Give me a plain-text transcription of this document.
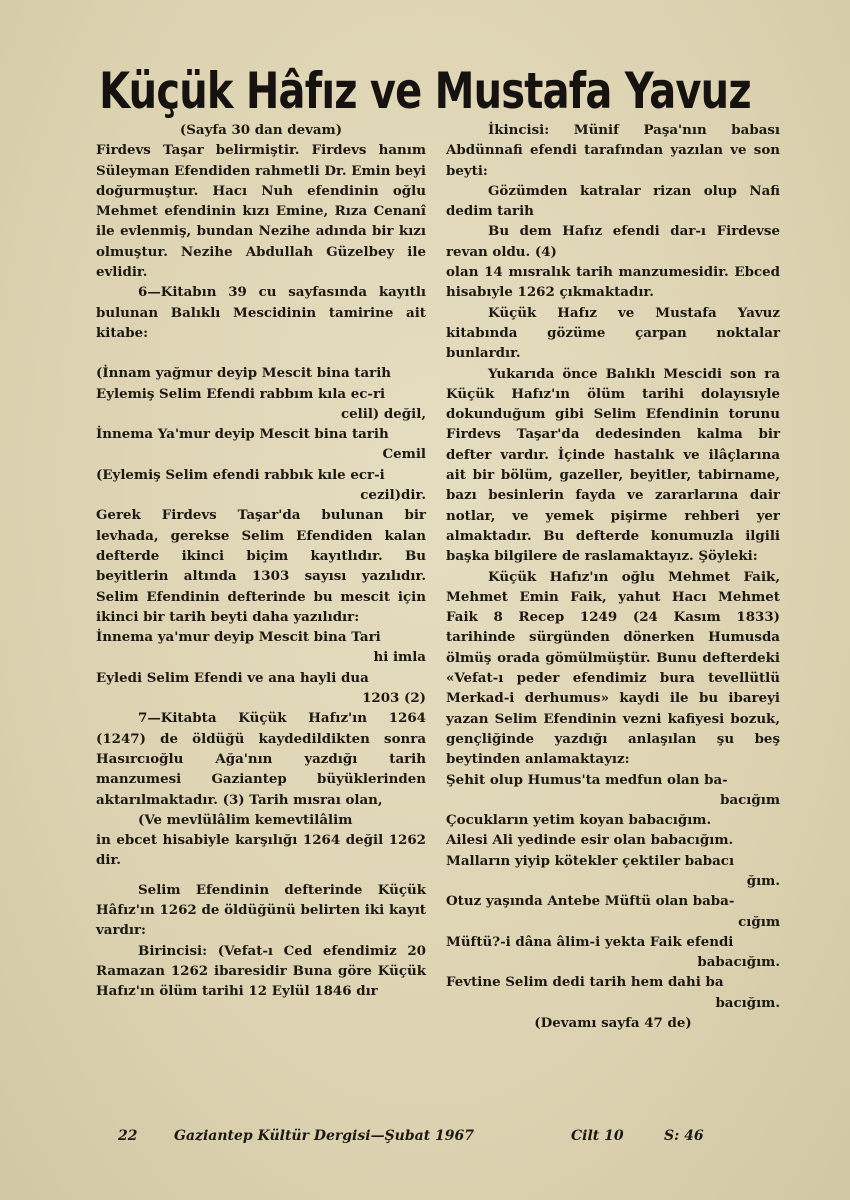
Küçük Hâfız ve Mustafa Yavuz
(Sayfa 30 dan devam)
Firdevs Taşar belirmiştir. Firdevs hanım Süleyman Efendiden rahmetli Dr. Emin beyi doğurmuştur. Hacı Nuh efendinin oğlu Mehmet efendinin kızı Emine, Rıza Cenanî ile evlenmiş, bundan Nezihe adında bir kızı olmuştur. Nezihe Abdullah Güzelbey ile evlidir.
6—Kitabın 39 cu sayfasında kayıtlı bulunan Balıklı Mescidinin tamirine ait kitabe:
(İnnam yağmur deyip Mescit bina tarih
Eylemiş Selim Efendi rabbım kıla ec-ri
celil) değil,
İnnema Ya'mur deyip Mescit bina tarih
Cemil
(Eylemiş Selim efendi rabbık kıle ecr-i
cezil)dir.
Gerek Firdevs Taşar'da bulunan bir levhada, gerekse Selim Efendiden kalan defterde ikinci biçim kayıtlıdır. Bu beyitlerin altında 1303 sayısı yazılıdır. Selim Efendinin defterinde bu mescit için ikinci bir tarih beyti daha yazılıdır:
İnnema ya'mur deyip Mescit bina Tari
hi imla
Eyledi Selim Efendi ve ana hayli dua
1203 (2)
7—Kitabta Küçük Hafız'ın 1264 (1247) de öldüğü kaydedildikten sonra Hasırcıoğlu Ağa'nın yazdığı tarih manzumesi Gaziantep büyüklerinden aktarılmaktadır. (3) Tarih mısraı olan,
(Ve mevlülâlim kemevtilâlim
in ebcet hisabiyle karşılığı 1264 değil 1262 dir.
Selim Efendinin defterinde Küçük Hâfız'ın 1262 de öldüğünü belirten iki kayıt vardır:
Birincisi: (Vefat-ı Ced efendimiz 20 Ramazan 1262 ibaresidir Buna göre Küçük Hafız'ın ölüm tarihi 12 Eylül 1846 dır
İkincisi: Münif Paşa'nın babası Abdünnafi efendi tarafından yazılan ve son beyti:
Gözümden katralar rizan olup Nafi dedim tarih
Bu dem Hafız efendi dar-ı Firdevse revan oldu. (4)
olan 14 mısralık tarih manzumesidir. Ebced hisabıyle 1262 çıkmaktadır.
Küçük Hafız ve Mustafa Yavuz kitabında gözüme çarpan noktalar bunlardır.
Yukarıda önce Balıklı Mescidi son ra Küçük Hafız'ın ölüm tarihi dolayısıyle dokunduğum gibi Selim Efendinin torunu Firdevs Taşar'da dedesinden kalma bir defter vardır. İçinde hastalık ve ilâçlarına ait bir bölüm, gazeller, beyitler, tabirname, bazı besinlerin fayda ve zararlarına dair notlar, ve yemek pişirme rehberi yer almaktadır. Bu defterde konumuzla ilgili başka bilgilere de raslamaktayız. Şöyleki:
Küçük Hafız'ın oğlu Mehmet Faik, Mehmet Emin Faik, yahut Hacı Mehmet Faik 8 Recep 1249 (24 Kasım 1833) tarihinde sürgünden dönerken Humusda ölmüş orada gömülmüştür. Bunu defterdeki «Vefat-ı peder efendimiz bura tevellütlü Merkad-i derhumus» kaydi ile bu ibareyi yazan Selim Efendinin vezni kafiyesi bozuk, gençliğinde yazdığı anlaşılan şu beş beytinden anlamaktayız:
Şehit olup Humus'ta medfun olan ba-
bacığım
Çocukların yetim koyan babacığım.
Ailesi Ali yedinde esir olan babacığım.
Malların yiyip kötekler çektiler babacı
ğım.
Otuz yaşında Antebe Müftü olan baba-
cığım
Müftü?-i dâna âlim-i yekta Faik efendi
babacığım.
Fevtine Selim dedi tarih hem dahi ba
bacığım.
(Devamı sayfa 47 de)
22	Gaziantep Kültür Dergisi—Şubat 1967	Cilt 10	S: 46
